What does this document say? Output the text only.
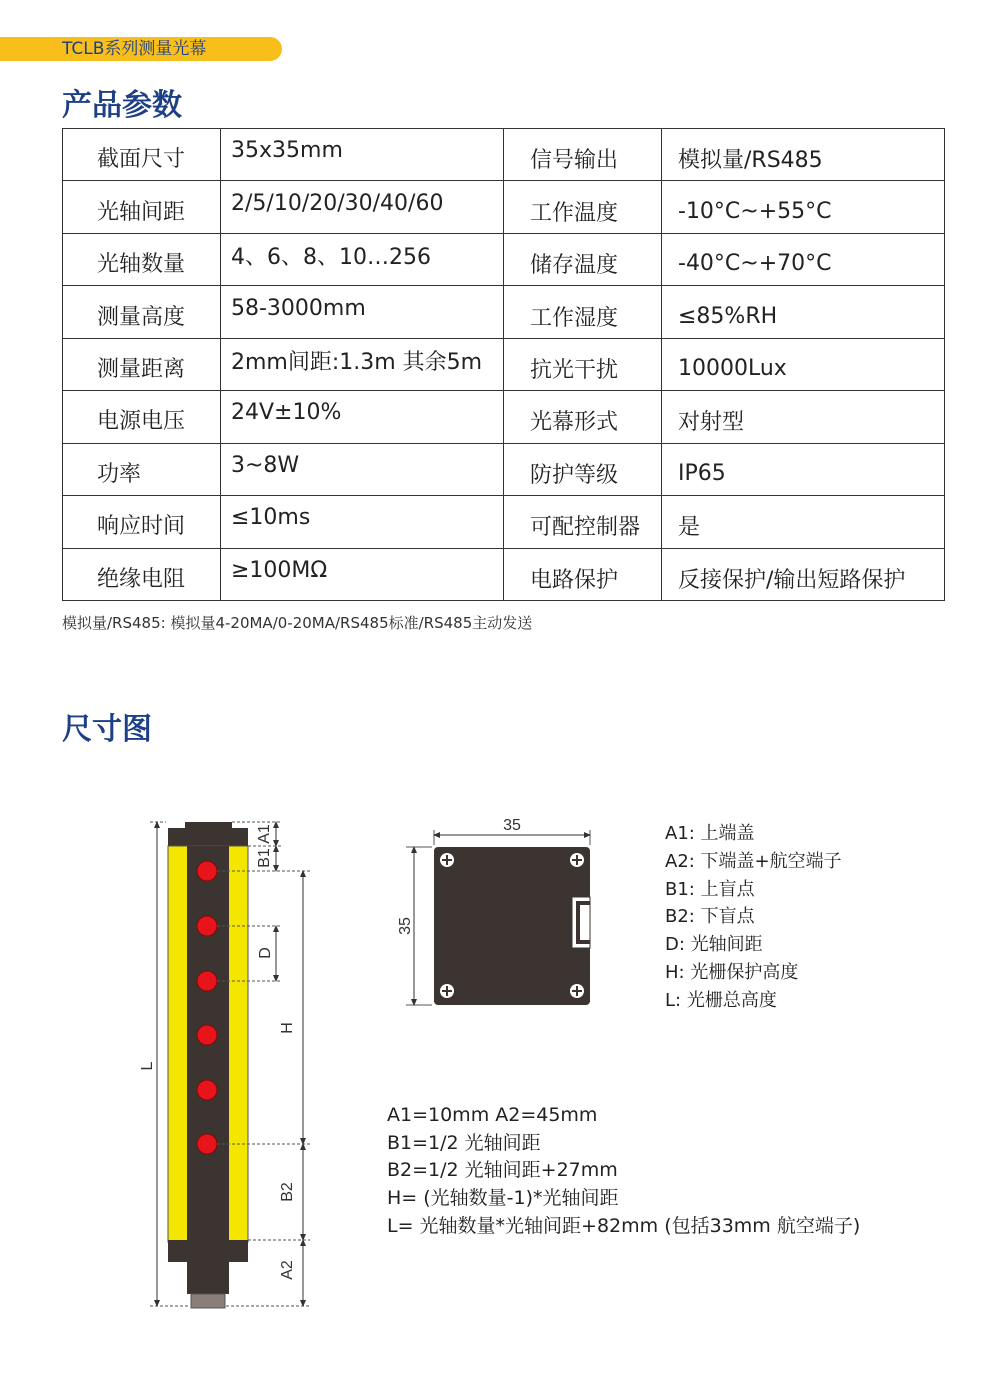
TCLB系列测量光幕
产品参数
截面尺寸	35x35mm	信号输出	模拟量/RS485
光轴间距	2/5/10/20/30/40/60	工作温度	-10°C~+55°C
光轴数量	4、6、8、10…256	储存温度	-40°C~+70°C
测量高度	58-3000mm	工作湿度	≤85%RH
测量距离	2mm间距:1.3m 其余5m	抗光干扰	10000Lux
电源电压	24V±10%	光幕形式	对射型
功率	3~8W	防护等级	IP65
响应时间	≤10ms	可配控制器	是
绝缘电阻	≥100MΩ	电路保护	反接保护/输出短路保护
模拟量/RS485: 模拟量4-20MA/0-20MA/RS485标准/RS485主动发送
尺寸图
L
A1
B1
D
H
B2
A2
35
35
A1: 上端盖
A2: 下端盖+航空端子
B1: 上盲点
B2: 下盲点
D: 光轴间距
H: 光栅保护高度
L: 光栅总高度
A1=10mm A2=45mm
B1=1/2 光轴间距
B2=1/2 光轴间距+27mm
H= (光轴数量-1)*光轴间距
L= 光轴数量*光轴间距+82mm (包括33mm 航空端子)
